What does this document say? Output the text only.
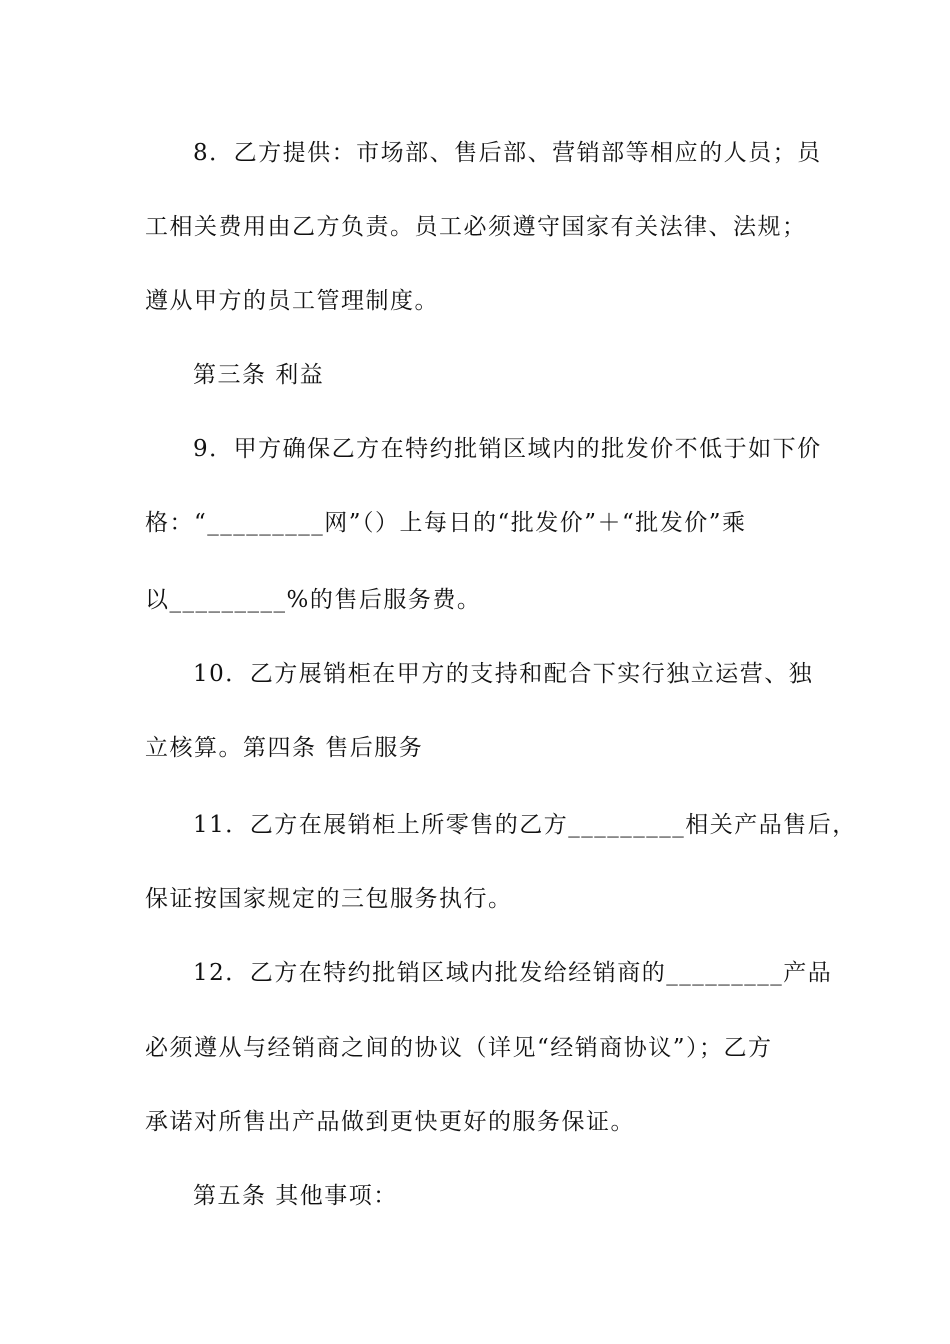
8．乙方提供：市场部、售后部、营销部等相应的人员；员
工相关费用由乙方负责。员工必须遵守国家有关法律、法规；
遵从甲方的员工管理制度。
第三条 利益
9．甲方确保乙方在特约批销区域内的批发价不低于如下价
格：“_________网”（）上每日的“批发价”＋“批发价”乘
以_________%的售后服务费。
10．乙方展销柜在甲方的支持和配合下实行独立运营、独
立核算。第四条 售后服务
11．乙方在展销柜上所零售的乙方_________相关产品售后，
保证按国家规定的三包服务执行。
12．乙方在特约批销区域内批发给经销商的_________产品
必须遵从与经销商之间的协议（详见“经销商协议”）；乙方
承诺对所售出产品做到更快更好的服务保证。
第五条 其他事项：
